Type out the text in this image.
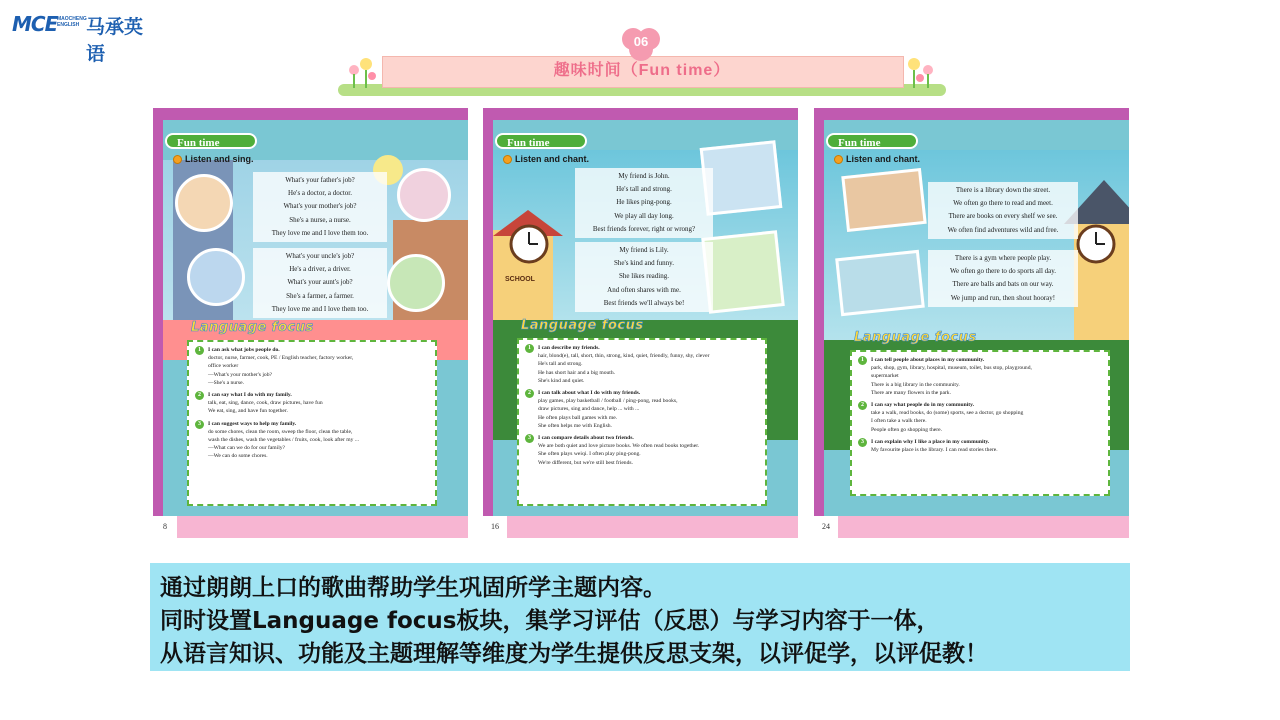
MCE MAOCHENG
ENGLISH 马承英语
趣味时间（Fun time）
06
Fun time
Listen and sing.
What's your father's job?
He's a doctor, a doctor.
What's your mother's job?
She's a nurse, a nurse.
They love me and I love them too.
What's your uncle's job?
He's a driver, a driver.
What's your aunt's job?
She's a farmer, a farmer.
They love me and I love them too.
Language focus
1	I can ask what jobs people do.
doctor, nurse, farmer, cook, PE / English teacher, factory worker,
office worker
—What's your mother's job?
—She's a nurse.
2	I can say what I do with my family.
talk, eat, sing, dance, cook, draw pictures, have fun
We eat, sing, and have fun together.
3	I can suggest ways to help my family.
do some chores, clean the room, sweep the floor, clean the table,
wash the dishes, wash the vegetables / fruits, cook, look after my ...
—What can we do for our family?
—We can do some chores.
8
Fun time
Listen and chant.
SCHOOL
My friend is John.
He's tall and strong.
He likes ping-pong.
We play all day long.
Best friends forever, right or wrong?
My friend is Lily.
She's kind and funny.
She likes reading.
And often shares with me.
Best friends we'll always be!
Language focus
1	I can describe my friends.
hair, blond(e), tall, short, thin, strong, kind, quiet, friendly, funny, shy, clever
He's tall and strong.
He has short hair and a big mouth.
She's kind and quiet.
2	I can talk about what I do with my friends.
play games, play basketball / football / ping-pong, read books,
draw pictures, sing and dance, help ... with ...
He often plays ball games with me.
She often helps me with English.
3	I can compare details about two friends.
We are both quiet and love picture books. We often read books together.
She often plays weiqi. I often play ping-pong.
We're different, but we're still best friends.
16
Fun time
Listen and chant.
There is a library down the street.
We often go there to read and meet.
There are books on every shelf we see.
We often find adventures wild and free.
There is a gym where people play.
We often go there to do sports all day.
There are balls and bats on our way.
We jump and run, then shout hooray!
Language focus
1	I can tell people about places in my community.
park, shop, gym, library, hospital, museum, toilet, bus stop, playground,
supermarket
There is a big library in the community.
There are many flowers in the park.
2	I can say what people do in my community.
take a walk, read books, do (some) sports, see a doctor, go shopping
I often take a walk there.
People often go shopping there.
3	I can explain why I like a place in my community.
My favourite place is the library. I can read stories there.
24
通过朗朗上口的歌曲帮助学生巩固所学主题内容。
同时设置Language focus板块，集学习评估（反思）与学习内容于一体，
从语言知识、功能及主题理解等维度为学生提供反思支架，以评促学，以评促教！
